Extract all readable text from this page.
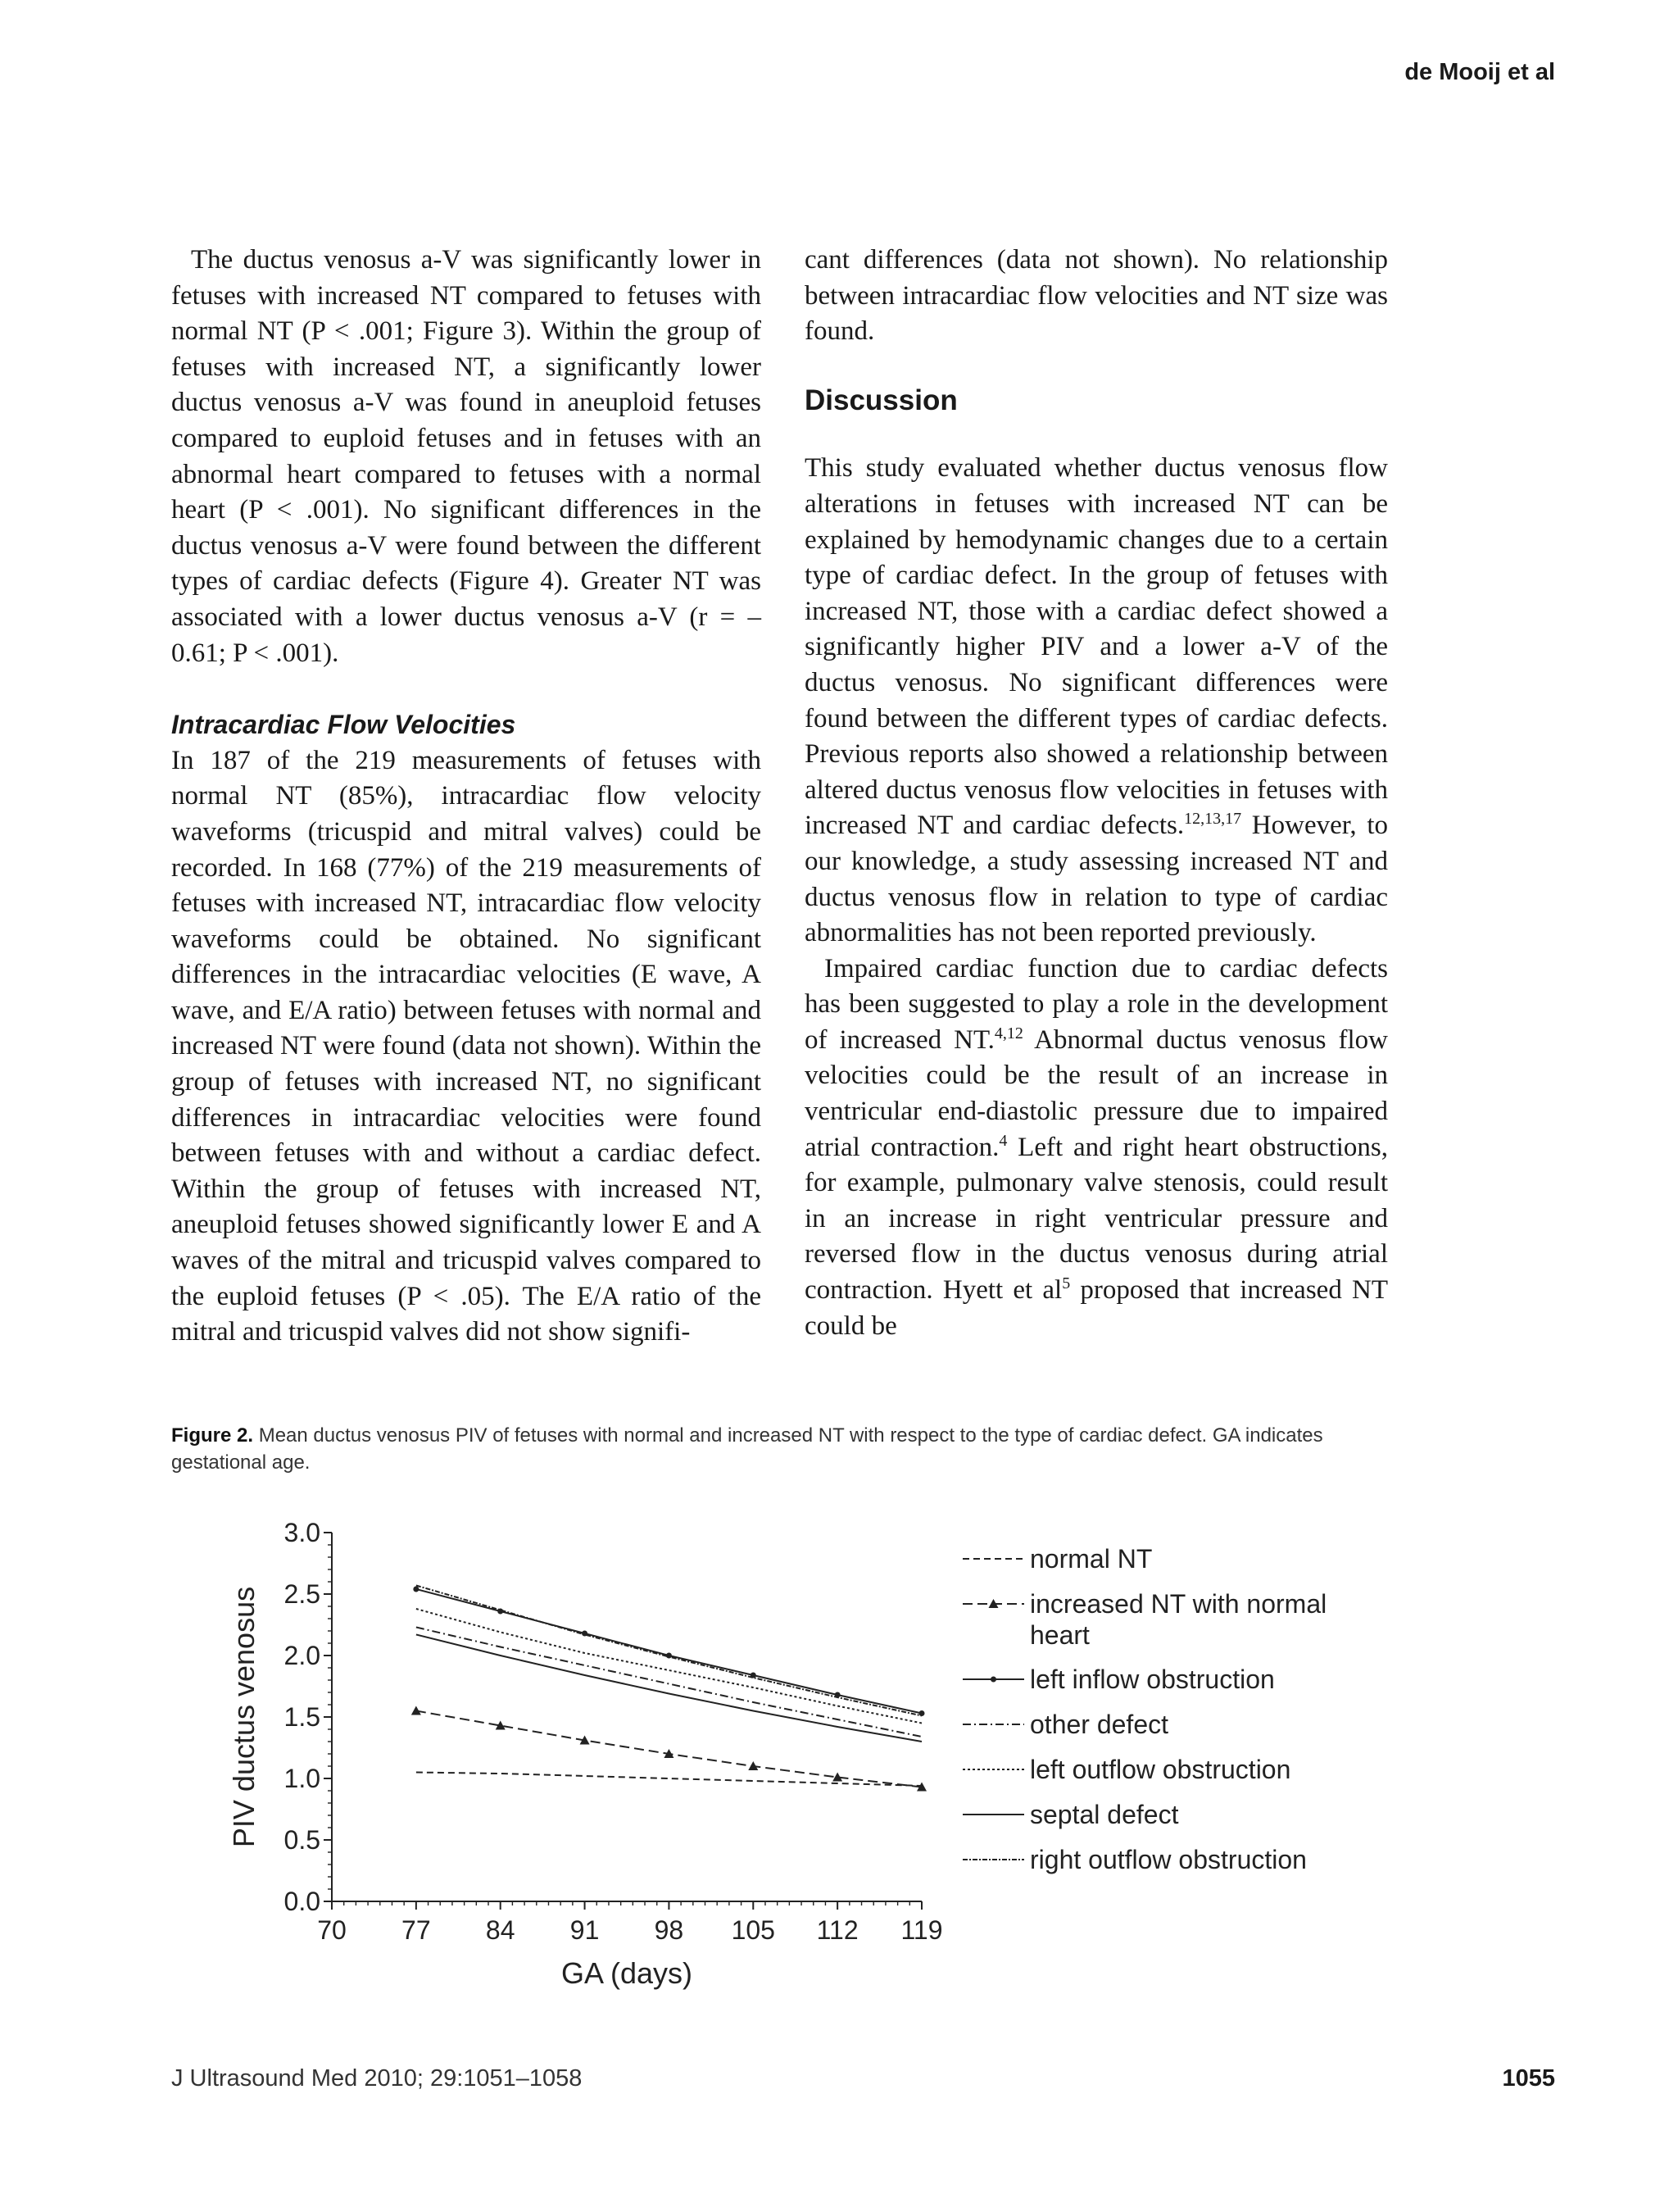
de Mooij et al

The ductus venosus a-V was significantly lower in fetuses with increased NT compared to fetuses with normal NT (P < .001; Figure 3). Within the group of fetuses with increased NT, a significantly lower ductus venosus a-V was found in aneuploid fetuses compared to euploid fetuses and in fetuses with an abnormal heart compared to fetuses with a normal heart (P < .001). No significant differences in the ductus venosus a-V were found between the different types of cardiac defects (Figure 4). Greater NT was associated with a lower ductus venosus a-V (r = –0.61; P < .001).

Intracardiac Flow Velocities

In 187 of the 219 measurements of fetuses with normal NT (85%), intracardiac flow velocity waveforms (tricuspid and mitral valves) could be recorded. In 168 (77%) of the 219 measurements of fetuses with increased NT, intracardiac flow velocity waveforms could be obtained. No significant differences in the intracardiac velocities (E wave, A wave, and E/A ratio) between fetuses with normal and increased NT were found (data not shown). Within the group of fetuses with increased NT, no significant differences in intracardiac velocities were found between fetuses with and without a cardiac defect. Within the group of fetuses with increased NT, aneuploid fetuses showed significantly lower E and A waves of the mitral and tricuspid valves compared to the euploid fetuses (P < .05). The E/A ratio of the mitral and tricuspid valves did not show signifi-

cant differences (data not shown). No relationship between intracardiac flow velocities and NT size was found.

Discussion

This study evaluated whether ductus venosus flow alterations in fetuses with increased NT can be explained by hemodynamic changes due to a certain type of cardiac defect. In the group of fetuses with increased NT, those with a cardiac defect showed a significantly higher PIV and a lower a-V of the ductus venosus. No significant differences were found between the different types of cardiac defects. Previous reports also showed a relationship between altered ductus venosus flow velocities in fetuses with increased NT and cardiac defects.$^{12,13,17}$ However, to our knowledge, a study assessing increased NT and ductus venosus flow in relation to type of cardiac abnormalities has not been reported previously.

Impaired cardiac function due to cardiac defects has been suggested to play a role in the development of increased NT.$^{4,12}$ Abnormal ductus venosus flow velocities could be the result of an increase in ventricular end-diastolic pressure due to impaired atrial contraction.$^4$ Left and right heart obstructions, for example, pulmonary valve stenosis, could result in an increase in right ventricular pressure and reversed flow in the ductus venosus during atrial contraction. Hyett et $al^5$ proposed that increased NT could be

Figure 2. Mean ductus venosus PIV of fetuses with normal and increased NT with respect to the type of cardiac defect. GA indicates gestational age.
0.0
0.5
1.0
1.5
2.0
2.5
3.0
70 77 84 91 98 105 112 119
GA (days)
PIV ductus venosus
normal NT
increased NT with normal heart
left inflow obstruction
other defect
left outflow obstruction
septal defect
right outflow obstruction
J Ultrasound Med 2010; 29:1051–1058	1055
